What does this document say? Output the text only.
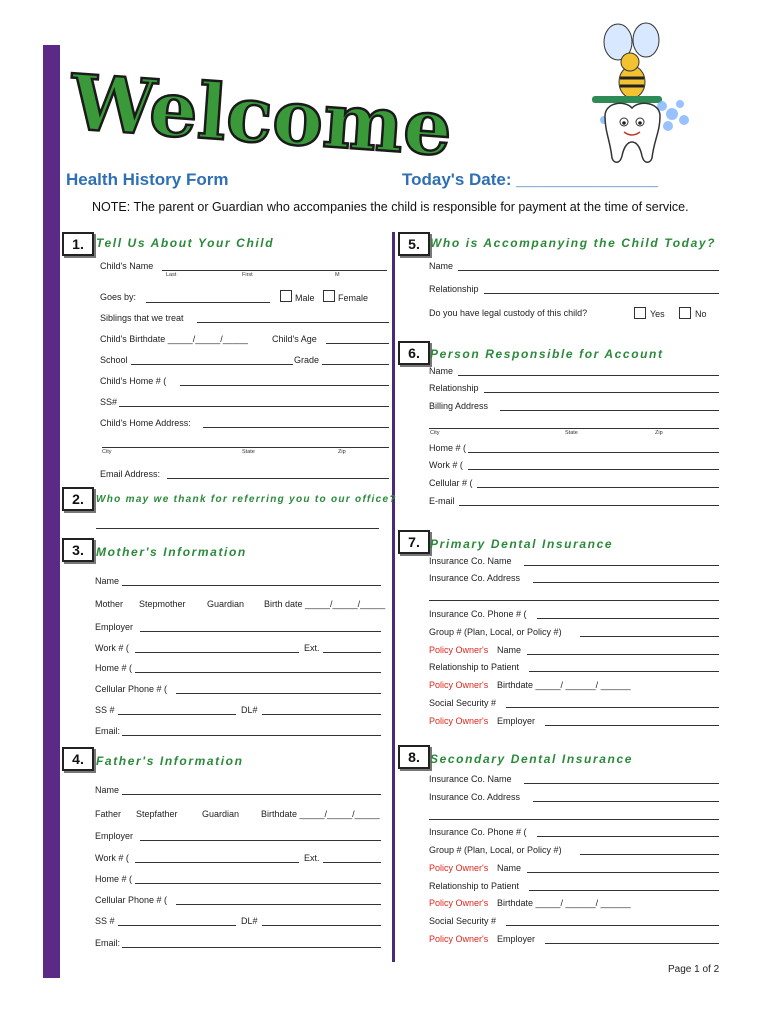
Welcome
Health History Form	Today's Date: _______________
NOTE: The parent or Guardian who accompanies the child is responsible for payment at the time of service.
1.	Tell Us About Your Child
Child's Name
Last	First	M
Goes by:	Male	Female
Siblings that we treat
Child's Birthdate _____/_____/_____	Child's Age
School	Grade
Child's Home # (
SS#
Child's Home Address:
City	State	Zip
Email Address:
2.	Who may we thank for referring you to our office?
3.	Mother's Information
Name
Mother Stepmother Guardian Birth date _____/_____/_____
Employer
Work # (	Ext.
Home # (
Cellular Phone # (
SS #	DL#
Email:
4.	Father's Information
Name
Father Stepfather	Guardian Birthdate _____/_____/_____
Employer
Work # (	Ext.
Home # (
Cellular Phone # (
SS #	DL#
Email:
5. Who is Accompanying the Child Today?
Name
Relationship
Do you have legal custody of this child?	Yes	No
6. Person Responsible for Account
Name
Relationship
Billing Address
City	State	Zip
Home # (
Work # (
Cellular # (
E-mail
7. Primary Dental Insurance
Insurance Co. Name
Insurance Co. Address
Insurance Co. Phone # (
Group # (Plan, Local, or Policy #)
Policy Owner's Name
Relationship to Patient
Policy Owner's Birthdate _____/ ______/ ______
Social Security #
Policy Owner's Employer
8. Secondary Dental Insurance
Insurance Co. Name
Insurance Co. Address
Insurance Co. Phone # (
Group # (Plan, Local, or Policy #)
Policy Owner's Name
Relationship to Patient
Policy Owner's Birthdate _____/ ______/ ______
Social Security #
Policy Owner's Employer
Page 1 of 2
